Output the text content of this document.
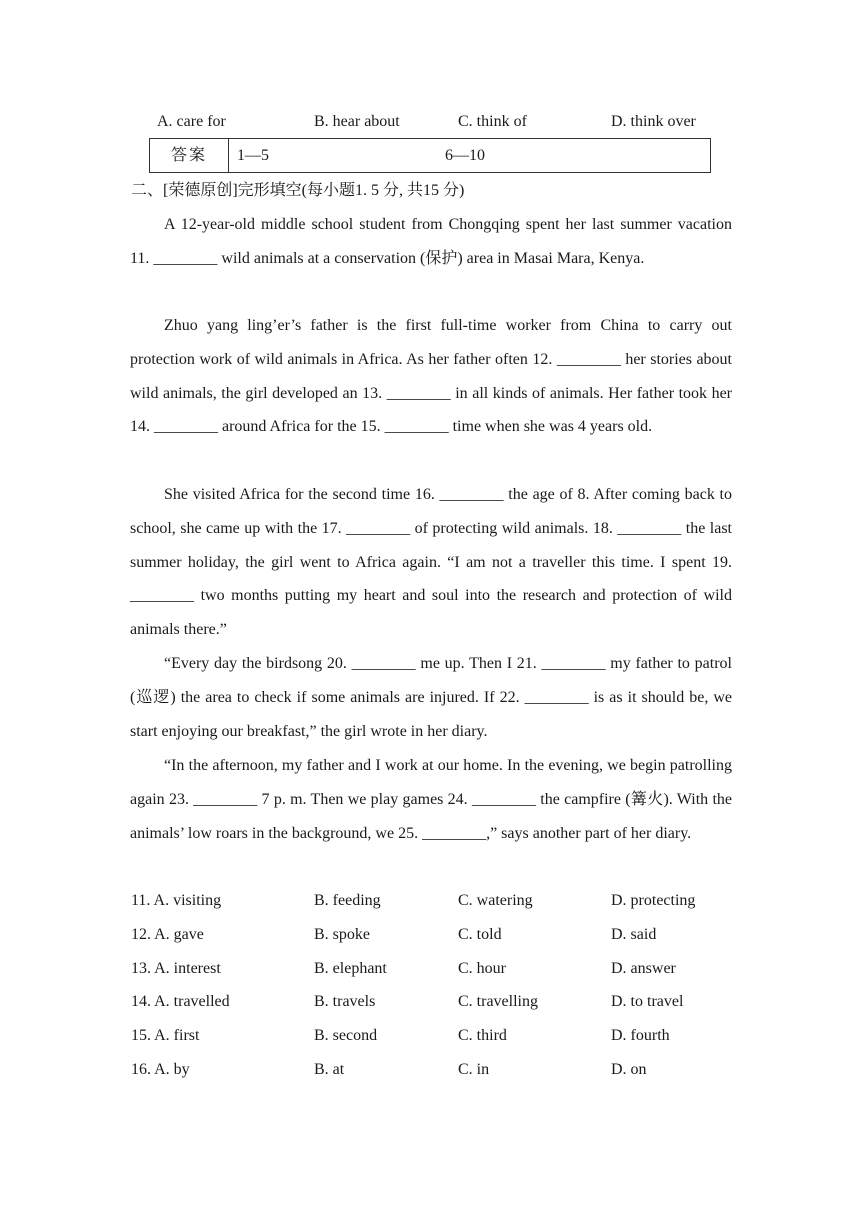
A. care for	B. hear about	C. think of	D. think over
答案	1—5	6—10
二、[荣德原创]完形填空(每小题1. 5 分, 共15 分)

A 12-year-old middle school student from Chongqing spent her last summer vacation 11. ________ wild animals at a conservation (保护) area in Masai Mara, Kenya.

Zhuo yang ling’er’s father is the first full-time worker from China to carry out protection work of wild animals in Africa. As her father often 12. ________ her stories about wild animals, the girl developed an 13. ________ in all kinds of animals. Her father took her 14. ________ around Africa for the 15. ________ time when she was 4 years old.

She visited Africa for the second time 16. ________ the age of 8. After coming back to school, she came up with the 17. ________ of protecting wild animals. 18. ________ the last summer holiday, the girl went to Africa again. “I am not a traveller this time. I spent 19. ________ two months putting my heart and soul into the research and protection of wild animals there.”

“Every day the birdsong 20. ________ me up. Then I 21. ________ my father to patrol (巡逻) the area to check if some animals are injured. If 22. ________ is as it should be, we start enjoying our breakfast,” the girl wrote in her diary.

“In the afternoon, my father and I work at our home. In the evening, we begin patrolling again 23. ________ 7 p. m. Then we play games 24. ________ the campfire (篝火). With the animals’ low roars in the background, we 25. ________,” says another part of her diary.

11. A. visiting	B. feeding	C. watering	D. protecting
12. A. gave	B. spoke	C. told	D. said
13. A. interest	B. elephant	C. hour	D. answer
14. A. travelled	B. travels	C. travelling	D. to travel
15. A. first	B. second	C. third	D. fourth
16. A. by	B. at	C. in	D. on
